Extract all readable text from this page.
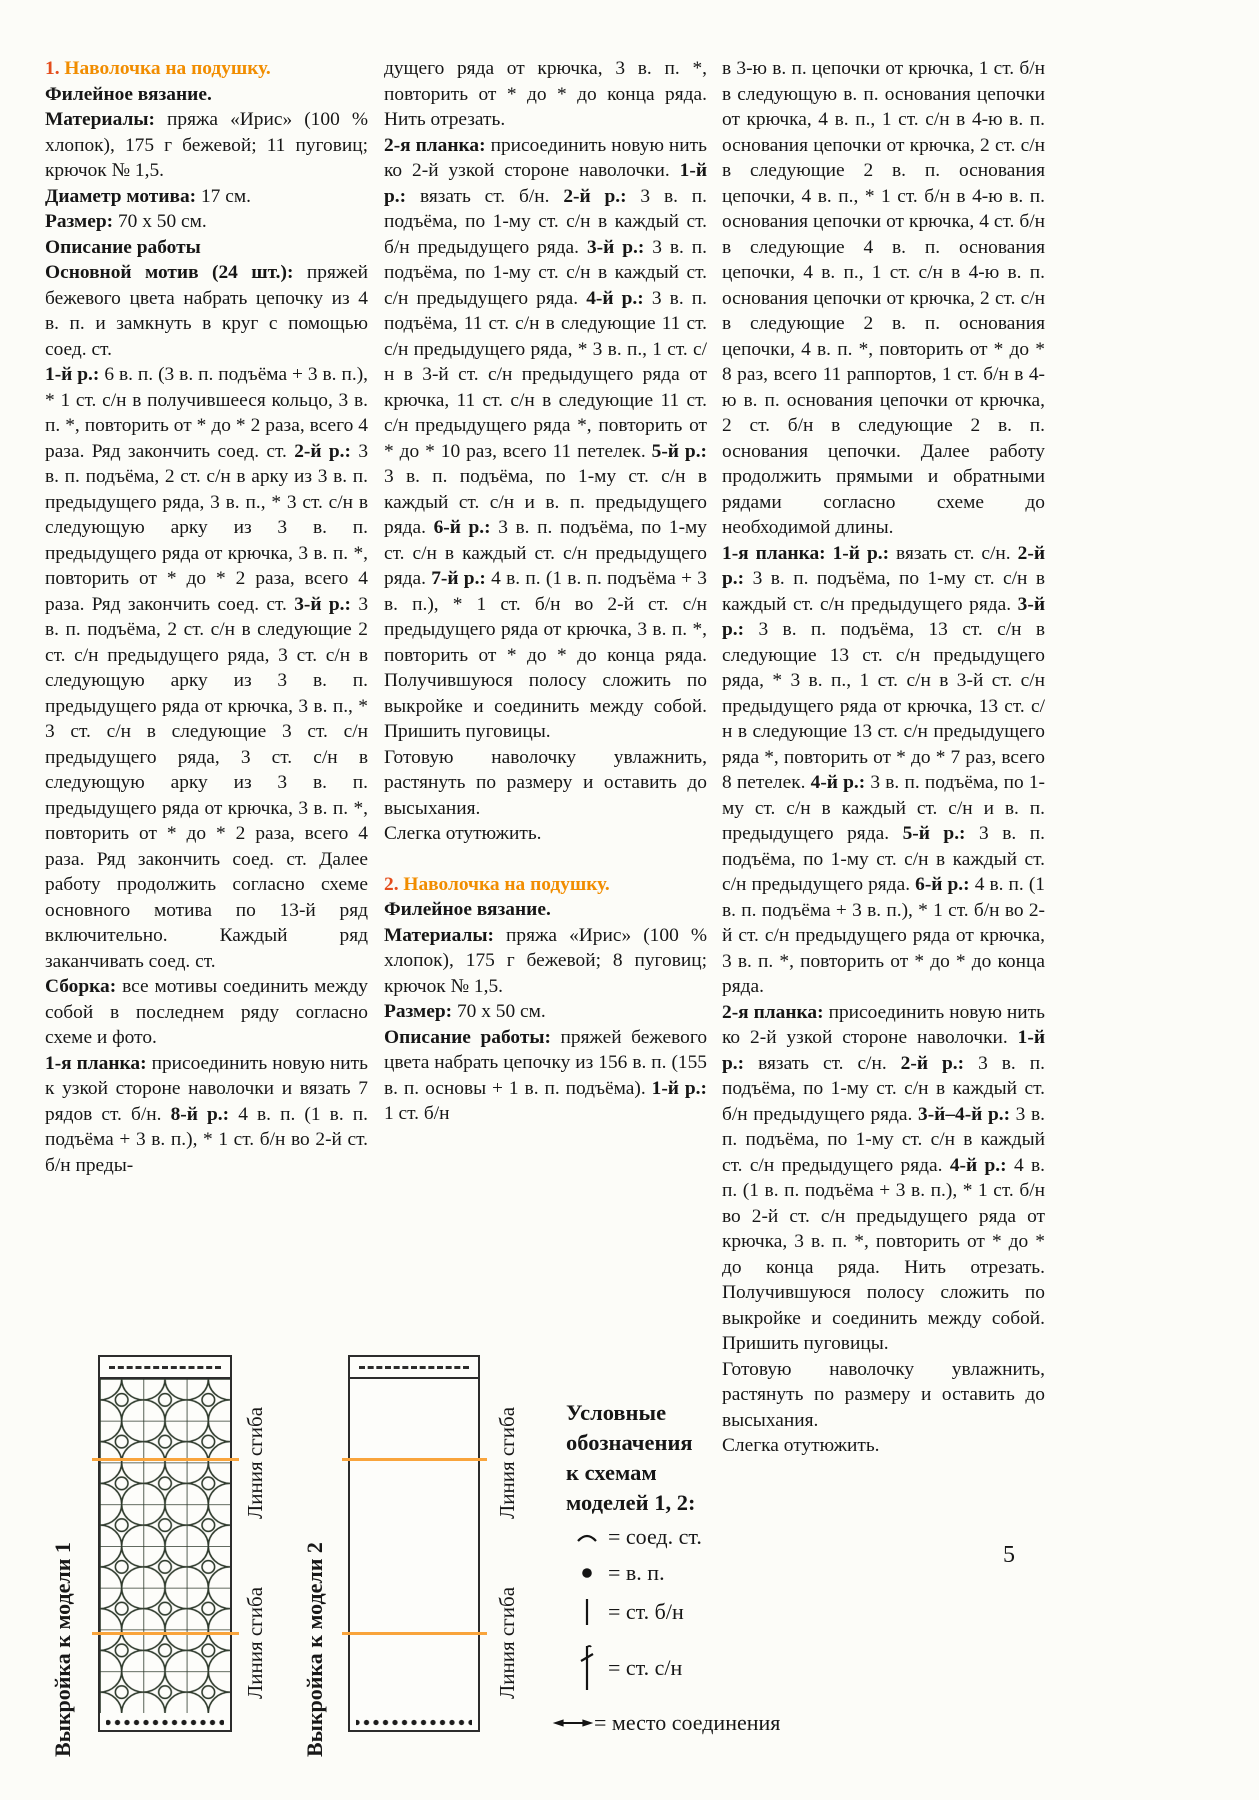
1. Наволочка на подушку.
Филейное вязание.
Материалы: пряжа «Ирис» (100 % хлопок), 175 г бежевой; 11 пуговиц; крючок № 1,5.
Диаметр мотива: 17 см.
Размер: 70 х 50 см.
Описание работы
Основной мотив (24 шт.): пряжей бежевого цвета набрать цепочку из 4 в. п. и замкнуть в круг с помощью соед. ст.
1-й р.: 6 в. п. (3 в. п. подъёма + 3 в. п.), * 1 ст. с/н в получившееся кольцо, 3 в. п. *, повторить от * до * 2 раза, всего 4 раза. Ряд закончить соед. ст. 2-й р.: 3 в. п. подъёма, 2 ст. с/н в арку из 3 в. п. предыдущего ряда, 3 в. п., * 3 ст. с/н в следующую арку из 3 в. п. предыдущего ряда от крючка, 3 в. п. *, повторить от * до * 2 раза, всего 4 раза. Ряд закончить соед. ст. 3-й р.: 3 в. п. подъёма, 2 ст. с/н в следующие 2 ст. с/н предыдущего ряда, 3 ст. с/н в следующую арку из 3 в. п. предыдущего ряда от крючка, 3 в. п., * 3 ст. с/н в следующие 3 ст. с/н предыдущего ряда, 3 ст. с/н в следующую арку из 3 в. п. предыдущего ряда от крючка, 3 в. п. *, повторить от * до * 2 раза, всего 4 раза. Ряд закончить соед. ст. Далее работу продолжить согласно схеме основного мотива по 13-й ряд включительно. Каждый ряд заканчивать соед. ст.
Сборка: все мотивы соединить между собой в последнем ряду согласно схеме и фото.
1-я планка: присоединить новую нить к узкой стороне наволочки и вязать 7 рядов ст. б/н. 8-й р.: 4 в. п. (1 в. п. подъёма + 3 в. п.), * 1 ст. б/н во 2-й ст. б/н преды-
дущего ряда от крючка, 3 в. п. *, повторить от * до * до конца ряда. Нить отрезать.
2-я планка: присоединить новую нить ко 2-й узкой стороне наволочки. 1-й р.: вязать ст. б/н. 2-й р.: 3 в. п. подъёма, по 1-му ст. с/н в каждый ст. б/н предыдущего ряда. 3-й р.: 3 в. п. подъёма, по 1-му ст. с/н в каждый ст. с/н предыдущего ряда. 4-й р.: 3 в. п. подъёма, 11 ст. с/н в следующие 11 ст. с/н предыдущего ряда, * 3 в. п., 1 ст. с/н в 3-й ст. с/н предыдущего ряда от крючка, 11 ст. с/н в следующие 11 ст. с/н предыдущего ряда *, повторить от * до * 10 раз, всего 11 петелек. 5-й р.: 3 в. п. подъёма, по 1-му ст. с/н в каждый ст. с/н и в. п. предыдущего ряда. 6-й р.: 3 в. п. подъёма, по 1-му ст. с/н в каждый ст. с/н предыдущего ряда. 7-й р.: 4 в. п. (1 в. п. подъёма + 3 в. п.), * 1 ст. б/н во 2-й ст. с/н предыдущего ряда от крючка, 3 в. п. *, повторить от * до * до конца ряда. Получившуюся полосу сложить по выкройке и соединить между собой. Пришить пуговицы.
Готовую наволочку увлажнить, растянуть по размеру и оставить до высыхания.
Слегка отутюжить.
2. Наволочка на подушку.
Филейное вязание.
Материалы: пряжа «Ирис» (100 % хлопок), 175 г бежевой; 8 пуговиц; крючок № 1,5.
Размер: 70 х 50 см.
Описание работы: пряжей бежевого цвета набрать цепочку из 156 в. п. (155 в. п. основы + 1 в. п. подъёма). 1-й р.: 1 ст. б/н
в 3-ю в. п. цепочки от крючка, 1 ст. б/н в следующую в. п. основания цепочки от крючка, 4 в. п., 1 ст. с/н в 4-ю в. п. основания цепочки от крючка, 2 ст. с/н в следующие 2 в. п. основания цепочки, 4 в. п., * 1 ст. б/н в 4-ю в. п. основания цепочки от крючка, 4 ст. б/н в следующие 4 в. п. основания цепочки, 4 в. п., 1 ст. с/н в 4-ю в. п. основания цепочки от крючка, 2 ст. с/н в следующие 2 в. п. основания цепочки, 4 в. п. *, повторить от * до * 8 раз, всего 11 раппортов, 1 ст. б/н в 4-ю в. п. основания цепочки от крючка, 2 ст. б/н в следующие 2 в. п. основания цепочки. Далее работу продолжить прямыми и обратными рядами согласно схеме до необходимой длины.
1-я планка: 1-й р.: вязать ст. с/н. 2-й р.: 3 в. п. подъёма, по 1-му ст. с/н в каждый ст. с/н предыдущего ряда. 3-й р.: 3 в. п. подъёма, 13 ст. с/н в следующие 13 ст. с/н предыдущего ряда, * 3 в. п., 1 ст. с/н в 3-й ст. с/н предыдущего ряда от крючка, 13 ст. с/н в следующие 13 ст. с/н предыдущего ряда *, повторить от * до * 7 раз, всего 8 петелек. 4-й р.: 3 в. п. подъёма, по 1-му ст. с/н в каждый ст. с/н и в. п. предыдущего ряда. 5-й р.: 3 в. п. подъёма, по 1-му ст. с/н в каждый ст. с/н предыдущего ряда. 6-й р.: 4 в. п. (1 в. п. подъёма + 3 в. п.), * 1 ст. б/н во 2-й ст. с/н предыдущего ряда от крючка, 3 в. п. *, повторить от * до * до конца ряда.
2-я планка: присоединить новую нить ко 2-й узкой стороне наволочки. 1-й р.: вязать ст. с/н. 2-й р.: 3 в. п. подъёма, по 1-му ст. с/н в каждый ст. б/н предыдущего ряда. 3-й–4-й р.: 3 в. п. подъёма, по 1-му ст. с/н в каждый ст. с/н предыдущего ряда. 4-й р.: 4 в. п. (1 в. п. подъёма + 3 в. п.), * 1 ст. б/н во 2-й ст. с/н предыдущего ряда от крючка, 3 в. п. *, повторить от * до * до конца ряда. Нить отрезать. Получившуюся полосу сложить по выкройке и соединить между собой. Пришить пуговицы.
Готовую наволочку увлажнить, растянуть по размеру и оставить до высыхания.
Слегка отутюжить.
Выкройка к модели 1
Линия сгиба
Линия сгиба Выкройка к модели 2
Линия сгиба
Линия сгиба
Условные
обозначения
к схемам
моделей 1, 2:
= соед. ст.
= в. п.
= ст. б/н
= ст. с/н
= место соединения
5
